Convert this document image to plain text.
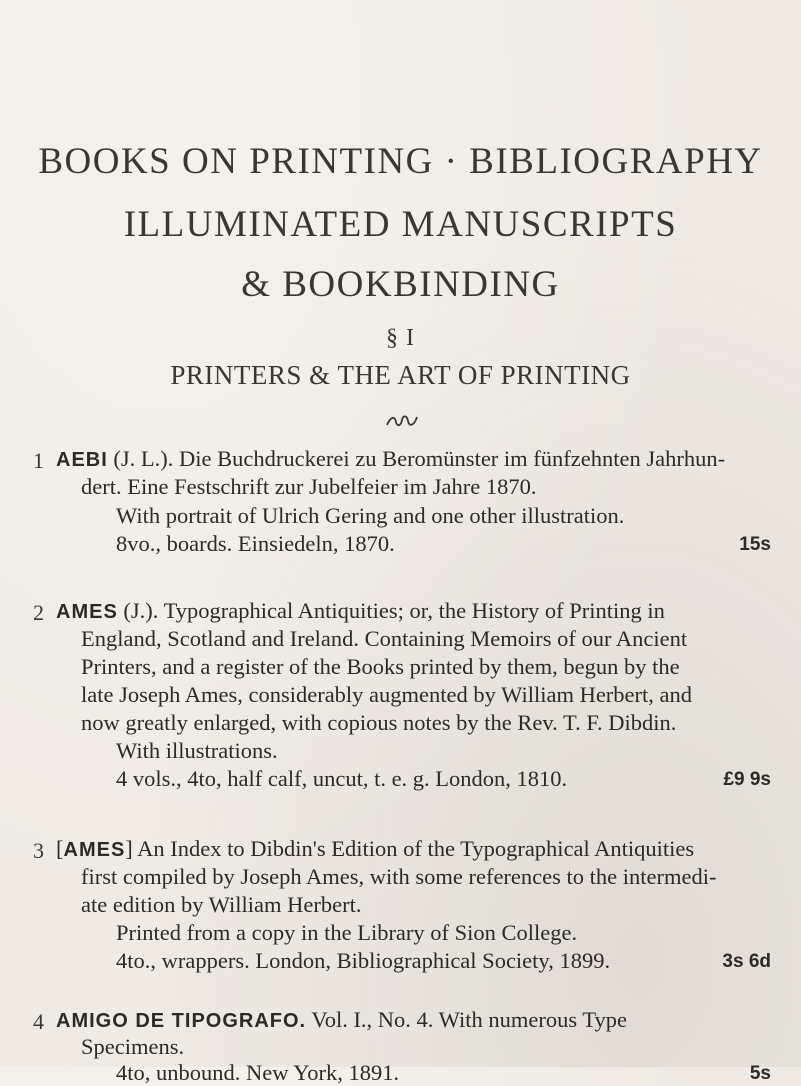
BOOKS ON PRINTING · BIBLIOGRAPHY
ILLUMINATED MANUSCRIPTS
& BOOKBINDING
§ I
PRINTERS & THE ART OF PRINTING
1 AEBI (J. L.). Die Buchdruckerei zu Beromünster im fünfzehnten Jahrhun-
dert. Eine Festschrift zur Jubelfeier im Jahre 1870.
With portrait of Ulrich Gering and one other illustration.
8vo., boards. Einsiedeln, 1870.	15s
2 AMES (J.). Typographical Antiquities; or, the History of Printing in
England, Scotland and Ireland. Containing Memoirs of our Ancient
Printers, and a register of the Books printed by them, begun by the
late Joseph Ames, considerably augmented by William Herbert, and
now greatly enlarged, with copious notes by the Rev. T. F. Dibdin.
With illustrations.
4 vols., 4to, half calf, uncut, t. e. g. London, 1810.	£9 9s
3 [AMES] An Index to Dibdin's Edition of the Typographical Antiquities
first compiled by Joseph Ames, with some references to the intermedi-
ate edition by William Herbert.
Printed from a copy in the Library of Sion College.
4to., wrappers. London, Bibliographical Society, 1899.	3s 6d
4 AMIGO DE TIPOGRAFO. Vol. I., No. 4. With numerous Type
Specimens.
4to, unbound. New York, 1891.	5s
